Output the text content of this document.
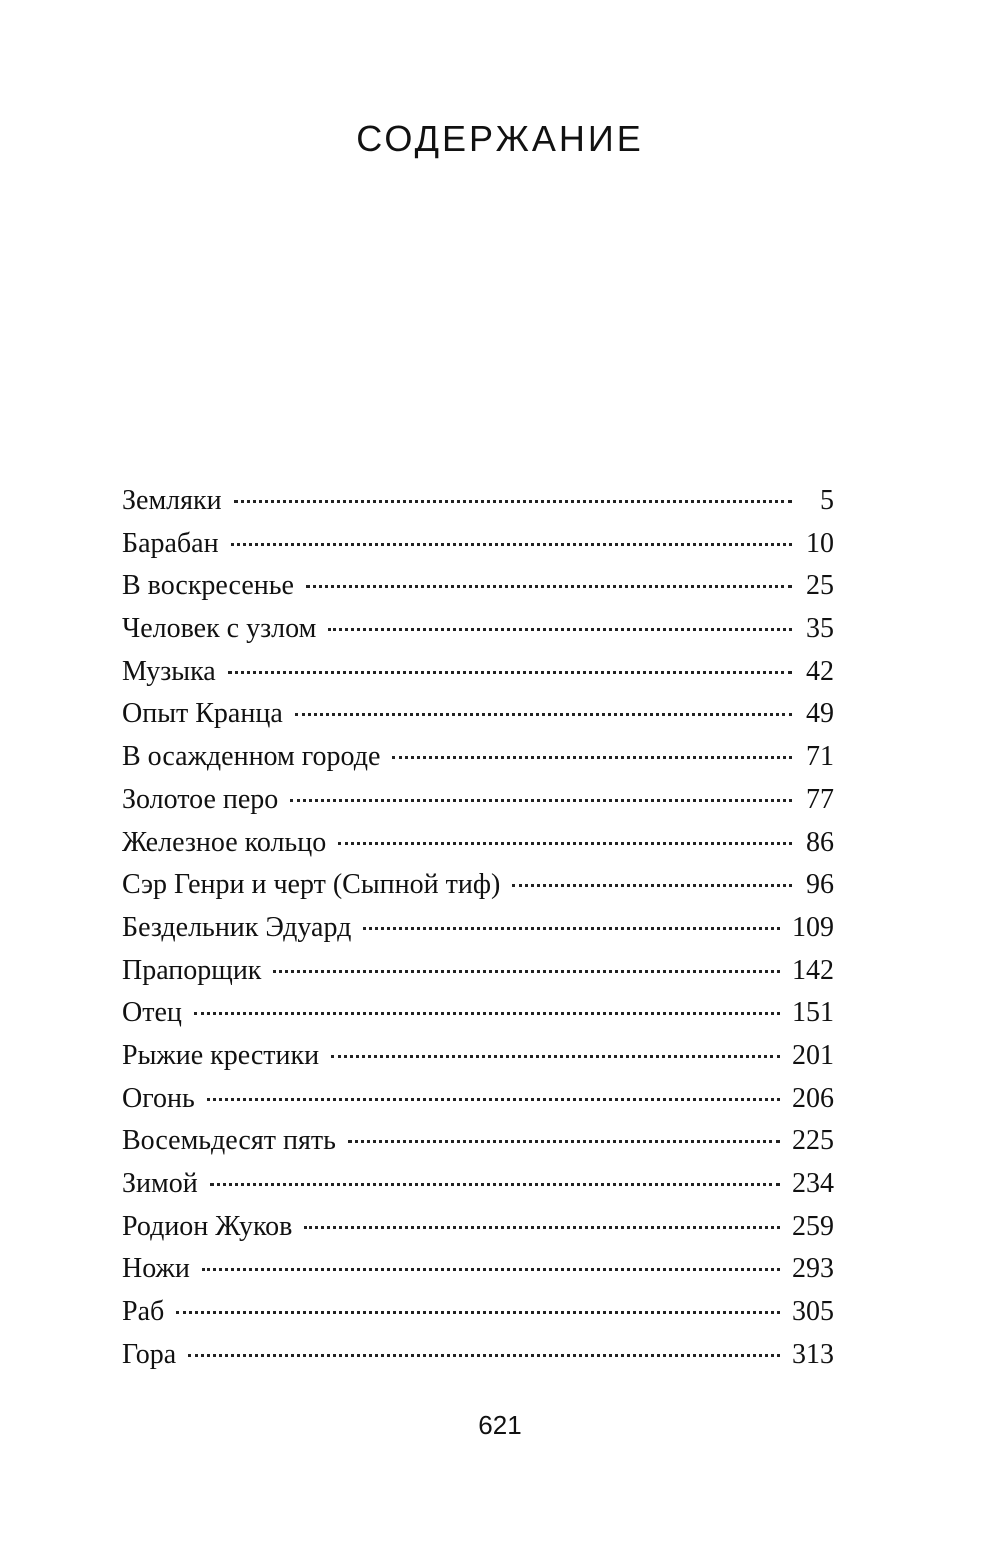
СОДЕРЖАНИЕ
Земляки	5
Барабан	10
В воскресенье	25
Человек с узлом	35
Музыка	42
Опыт Кранца	49
В осажденном городе	71
Золотое перо	77
Железное кольцо	86
Сэр Генри и черт (Сыпной тиф)	96
Бездельник Эдуард	109
Прапорщик	142
Отец	151
Рыжие крестики	201
Огонь	206
Восемьдесят пять	225
Зимой	234
Родион Жуков	259
Ножи	293
Раб	305
Гора	313
621
